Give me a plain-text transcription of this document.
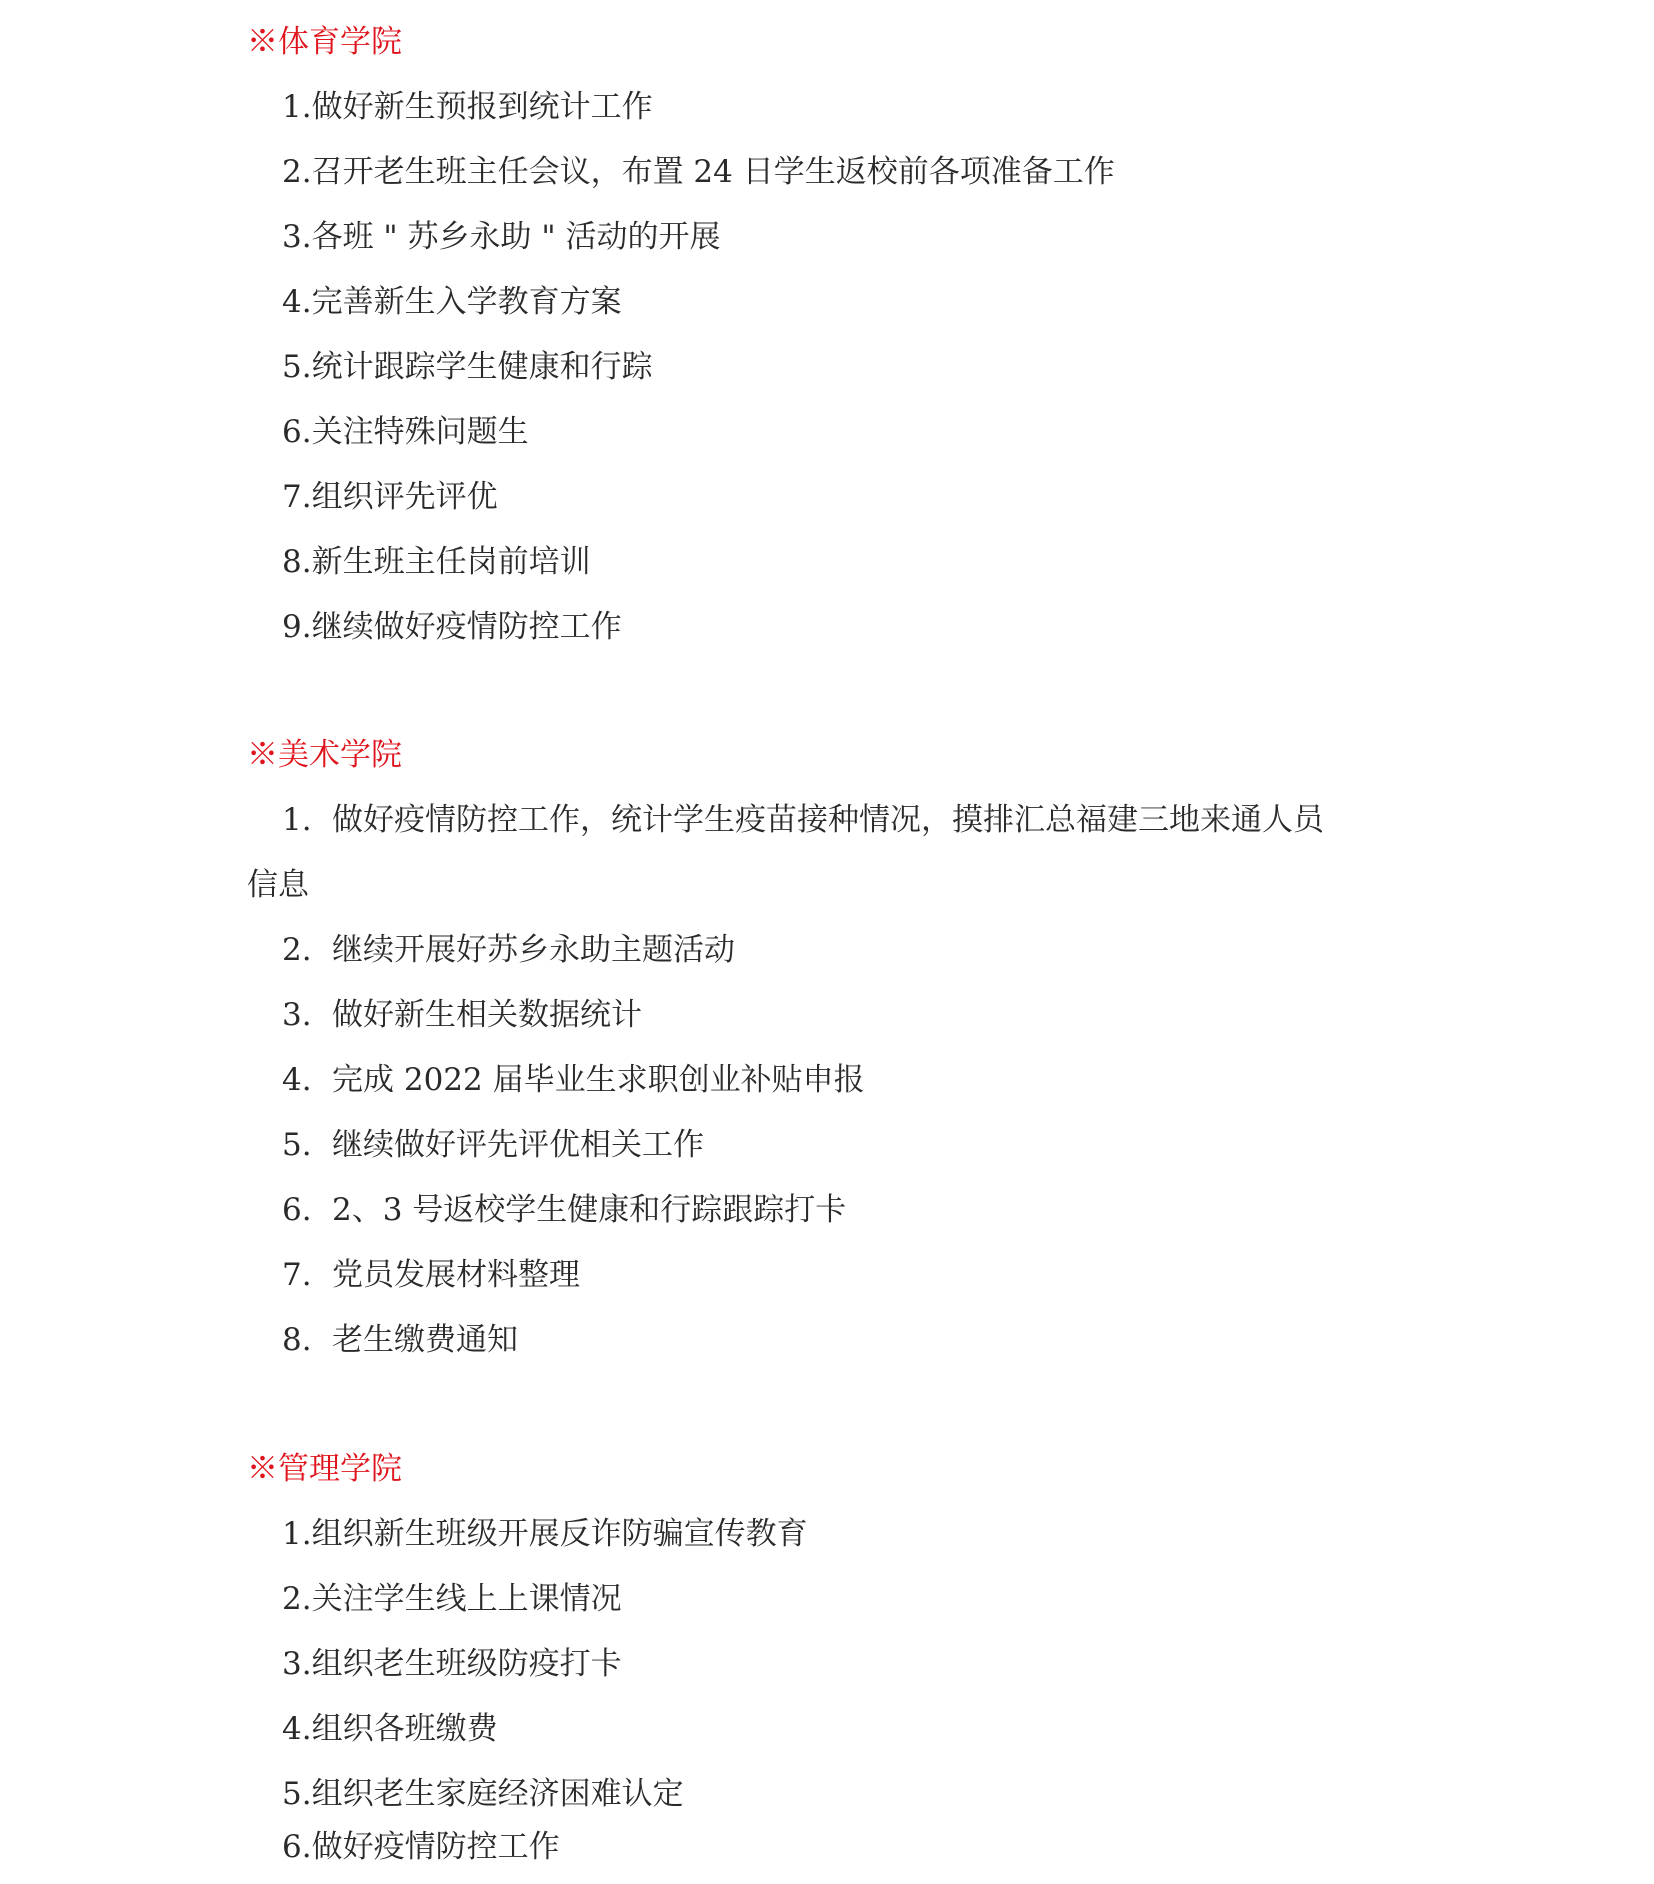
※体育学院
1.做好新生预报到统计工作
2.召开老生班主任会议，布置 24 日学生返校前各项准备工作
3.各班 " 苏乡永助 " 活动的开展
4.完善新生入学教育方案
5.统计跟踪学生健康和行踪
6.关注特殊问题生
7.组织评先评优
8.新生班主任岗前培训
9.继续做好疫情防控工作
※美术学院
1. 做好疫情防控工作，统计学生疫苗接种情况，摸排汇总福建三地来通人员
信息
2. 继续开展好苏乡永助主题活动
3. 做好新生相关数据统计
4. 完成 2022 届毕业生求职创业补贴申报
5. 继续做好评先评优相关工作
6. 2、3 号返校学生健康和行踪跟踪打卡
7. 党员发展材料整理
8. 老生缴费通知
※管理学院
1.组织新生班级开展反诈防骗宣传教育
2.关注学生线上上课情况
3.组织老生班级防疫打卡
4.组织各班缴费
5.组织老生家庭经济困难认定
6.做好疫情防控工作
